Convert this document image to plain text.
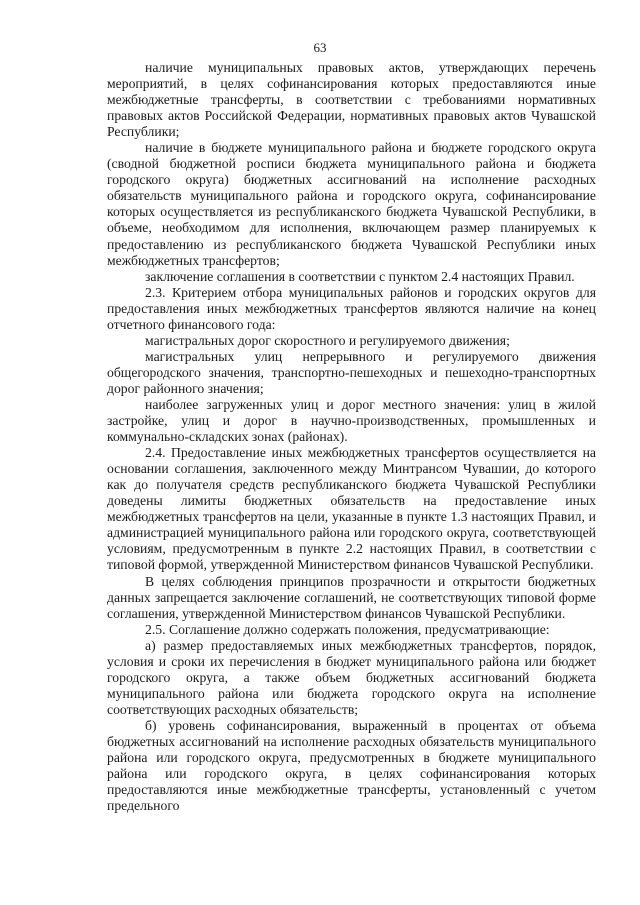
63

наличие муниципальных правовых актов, утверждающих перечень мероприятий, в целях софинансирования которых предоставляются иные межбюджетные трансферты, в соответствии с требованиями нормативных правовых актов Российской Федерации, нормативных правовых актов Чувашской Республики;

наличие в бюджете муниципального района и бюджете городского округа (сводной бюджетной росписи бюджета муниципального района и бюджета городского округа) бюджетных ассигнований на исполнение расходных обязательств муниципального района и городского округа, софинансирование которых осуществляется из республиканского бюджета Чувашской Республики, в объеме, необходимом для исполнения, включающем размер планируемых к предоставлению из республиканского бюджета Чувашской Республики иных межбюджетных трансфертов;

заключение соглашения в соответствии с пунктом 2.4 настоящих Правил.

2.3. Критерием отбора муниципальных районов и городских округов для предоставления иных межбюджетных трансфертов являются наличие на конец отчетного финансового года:

магистральных дорог скоростного и регулируемого движения;

магистральных улиц непрерывного и регулируемого движения общегородского значения, транспортно-пешеходных и пешеходно-транспортных дорог районного значения;

наиболее загруженных улиц и дорог местного значения: улиц в жилой застройке, улиц и дорог в научно-производственных, промышленных и коммунально-складских зонах (районах).

2.4. Предоставление иных межбюджетных трансфертов осуществляется на основании соглашения, заключенного между Минтрансом Чувашии, до которого как до получателя средств республиканского бюджета Чувашской Республики доведены лимиты бюджетных обязательств на предоставление иных межбюджетных трансфертов на цели, указанные в пункте 1.3 настоящих Правил, и администрацией муниципального района или городского округа, соответствующей условиям, предусмотренным в пункте 2.2 настоящих Правил, в соответствии с типовой формой, утвержденной Министерством финансов Чувашской Республики.

В целях соблюдения принципов прозрачности и открытости бюджетных данных запрещается заключение соглашений, не соответствующих типовой форме соглашения, утвержденной Министерством финансов Чувашской Республики.

2.5. Соглашение должно содержать положения, предусматривающие:

а) размер предоставляемых иных межбюджетных трансфертов, порядок, условия и сроки их перечисления в бюджет муниципального района или бюджет городского округа, а также объем бюджетных ассигнований бюджета муниципального района или бюджета городского округа на исполнение соответствующих расходных обязательств;

б) уровень софинансирования, выраженный в процентах от объема бюджетных ассигнований на исполнение расходных обязательств муниципального района или городского округа, предусмотренных в бюджете муниципального района или городского округа, в целях софинансирования которых предоставляются иные межбюджетные трансферты, установленный с учетом предельного
